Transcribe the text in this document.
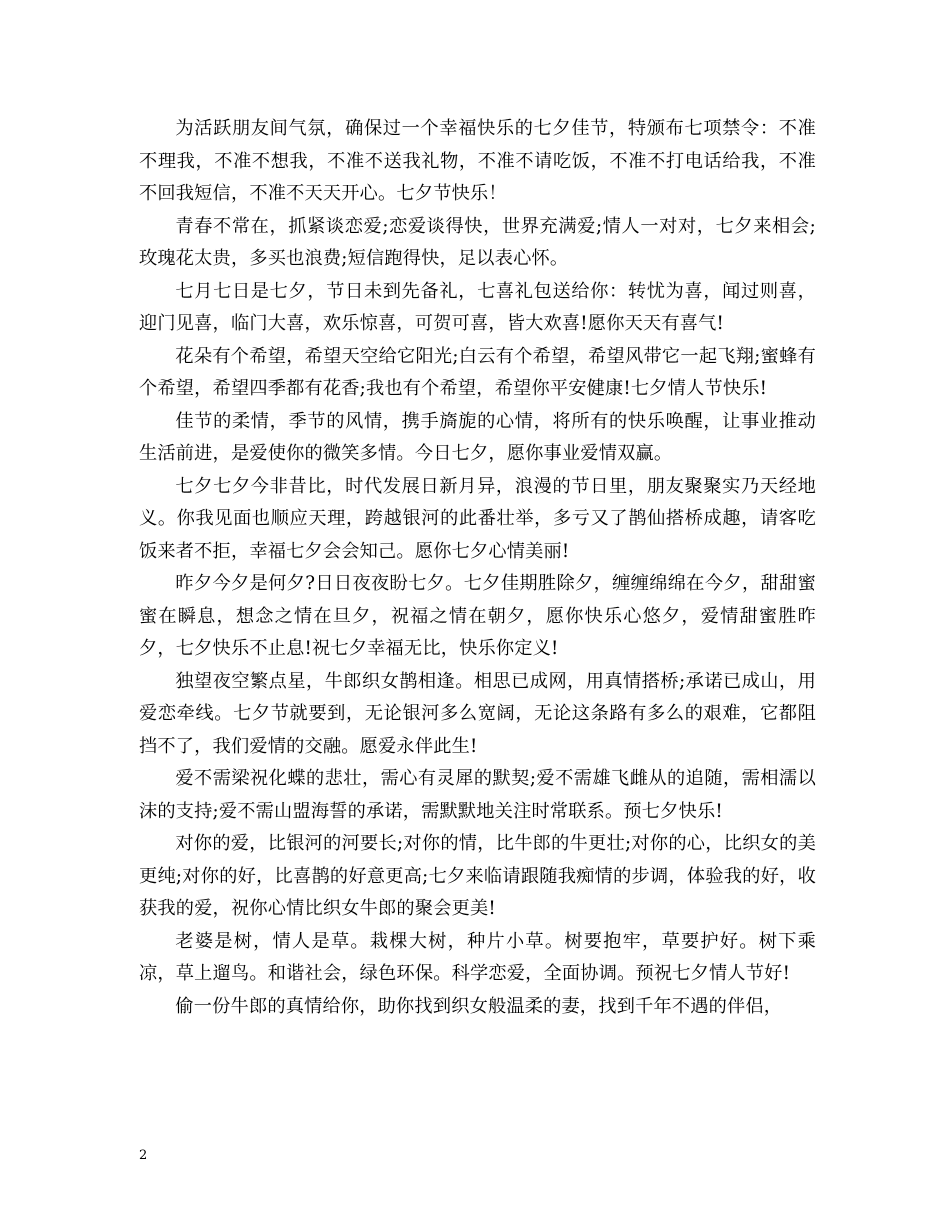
为活跃朋友间气氛，确保过一个幸福快乐的七夕佳节，特颁布七项禁令：不准不理我，不准不想我，不准不送我礼物，不准不请吃饭，不准不打电话给我，不准不回我短信，不准不天天开心。七夕节快乐！

青春不常在，抓紧谈恋爱;恋爱谈得快，世界充满爱;情人一对对，七夕来相会;玫瑰花太贵，多买也浪费;短信跑得快，足以表心怀。

七月七日是七夕，节日未到先备礼，七喜礼包送给你：转忧为喜，闻过则喜，迎门见喜，临门大喜，欢乐惊喜，可贺可喜，皆大欢喜!愿你天天有喜气!

花朵有个希望，希望天空给它阳光;白云有个希望，希望风带它一起飞翔;蜜蜂有个希望，希望四季都有花香;我也有个希望，希望你平安健康!七夕情人节快乐!

佳节的柔情，季节的风情，携手旖旎的心情，将所有的快乐唤醒，让事业推动生活前进，是爱使你的微笑多情。今日七夕，愿你事业爱情双赢。

七夕七夕今非昔比，时代发展日新月异，浪漫的节日里，朋友聚聚实乃天经地义。你我见面也顺应天理，跨越银河的此番壮举，多亏又了鹊仙搭桥成趣，请客吃饭来者不拒，幸福七夕会会知己。愿你七夕心情美丽!

昨夕今夕是何夕?日日夜夜盼七夕。七夕佳期胜除夕，缠缠绵绵在今夕，甜甜蜜蜜在瞬息，想念之情在旦夕，祝福之情在朝夕，愿你快乐心悠夕，爱情甜蜜胜昨夕，七夕快乐不止息!祝七夕幸福无比，快乐你定义!

独望夜空繁点星，牛郎织女鹊相逢。相思已成网，用真情搭桥;承诺已成山，用爱恋牵线。七夕节就要到，无论银河多么宽阔，无论这条路有多么的艰难，它都阻挡不了，我们爱情的交融。愿爱永伴此生!

爱不需梁祝化蝶的悲壮，需心有灵犀的默契;爱不需雄飞雌从的追随，需相濡以沫的支持;爱不需山盟海誓的承诺，需默默地关注时常联系。预七夕快乐!

对你的爱，比银河的河要长;对你的情，比牛郎的牛更壮;对你的心，比织女的美更纯;对你的好，比喜鹊的好意更高;七夕来临请跟随我痴情的步调，体验我的好，收获我的爱，祝你心情比织女牛郎的聚会更美!

老婆是树，情人是草。栽棵大树，种片小草。树要抱牢，草要护好。树下乘凉，草上遛鸟。和谐社会，绿色环保。科学恋爱，全面协调。预祝七夕情人节好!

偷一份牛郎的真情给你，助你找到织女般温柔的妻，找到千年不遇的伴侣，

2
